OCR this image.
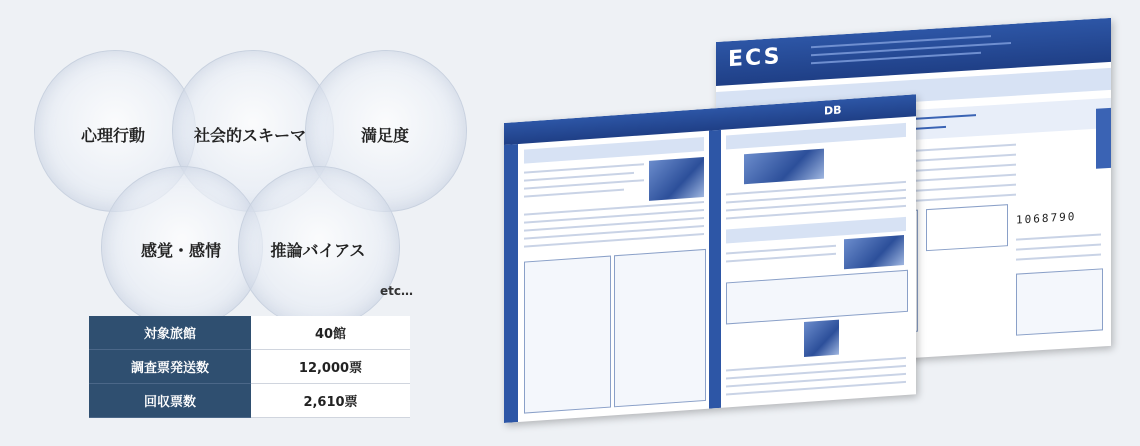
心理行動	社会的スキーマ	満足度
感覚・感情	推論バイアス
etc…
対象旅館	40館
調査票発送数	12,000票
回収票数	2,610票
ECS
1068790
DB
